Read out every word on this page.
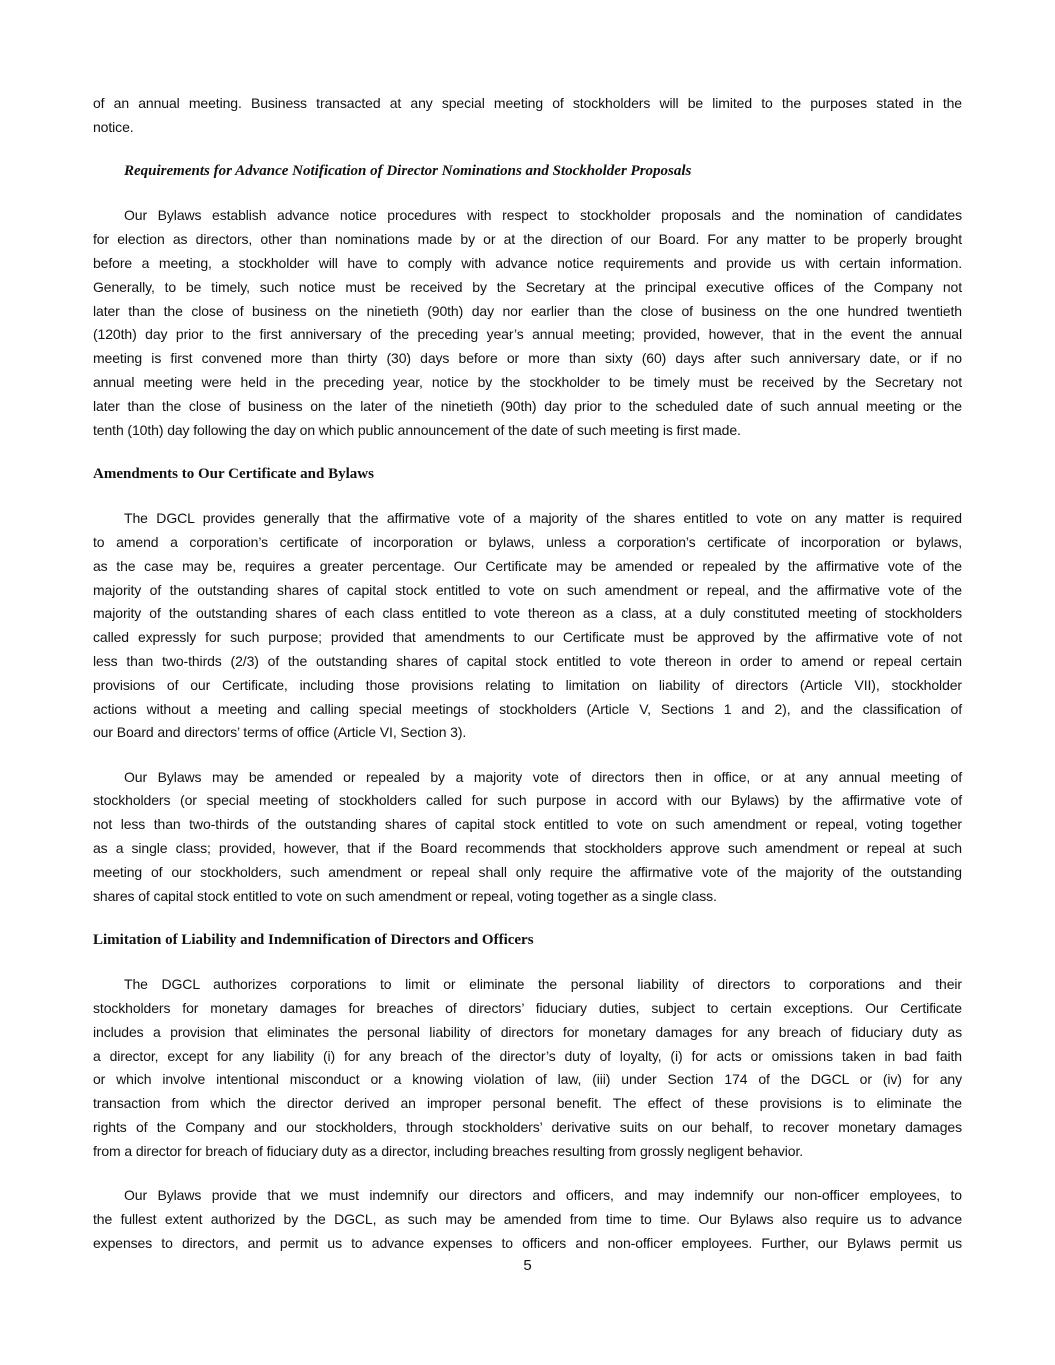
of an annual meeting. Business transacted at any special meeting of stockholders will be limited to the purposes stated in the
notice.
Requirements for Advance Notification of Director Nominations and Stockholder Proposals
Our Bylaws establish advance notice procedures with respect to stockholder proposals and the nomination of candidates
for election as directors, other than nominations made by or at the direction of our Board. For any matter to be properly brought
before a meeting, a stockholder will have to comply with advance notice requirements and provide us with certain information.
Generally, to be timely, such notice must be received by the Secretary at the principal executive offices of the Company not
later than the close of business on the ninetieth (90th) day nor earlier than the close of business on the one hundred twentieth
(120th) day prior to the first anniversary of the preceding year’s annual meeting; provided, however, that in the event the annual
meeting is first convened more than thirty (30) days before or more than sixty (60) days after such anniversary date, or if no
annual meeting were held in the preceding year, notice by the stockholder to be timely must be received by the Secretary not
later than the close of business on the later of the ninetieth (90th) day prior to the scheduled date of such annual meeting or the
tenth (10th) day following the day on which public announcement of the date of such meeting is first made.
Amendments to Our Certificate and Bylaws
The DGCL provides generally that the affirmative vote of a majority of the shares entitled to vote on any matter is required
to amend a corporation’s certificate of incorporation or bylaws, unless a corporation’s certificate of incorporation or bylaws,
as the case may be, requires a greater percentage. Our Certificate may be amended or repealed by the affirmative vote of the
majority of the outstanding shares of capital stock entitled to vote on such amendment or repeal, and the affirmative vote of the
majority of the outstanding shares of each class entitled to vote thereon as a class, at a duly constituted meeting of stockholders
called expressly for such purpose; provided that amendments to our Certificate must be approved by the affirmative vote of not
less than two-thirds (2/3) of the outstanding shares of capital stock entitled to vote thereon in order to amend or repeal certain
provisions of our Certificate, including those provisions relating to limitation on liability of directors (Article VII), stockholder
actions without a meeting and calling special meetings of stockholders (Article V, Sections 1 and 2), and the classification of
our Board and directors’ terms of office (Article VI, Section 3).
Our Bylaws may be amended or repealed by a majority vote of directors then in office, or at any annual meeting of
stockholders (or special meeting of stockholders called for such purpose in accord with our Bylaws) by the affirmative vote of
not less than two-thirds of the outstanding shares of capital stock entitled to vote on such amendment or repeal, voting together
as a single class; provided, however, that if the Board recommends that stockholders approve such amendment or repeal at such
meeting of our stockholders, such amendment or repeal shall only require the affirmative vote of the majority of the outstanding
shares of capital stock entitled to vote on such amendment or repeal, voting together as a single class.
Limitation of Liability and Indemnification of Directors and Officers
The DGCL authorizes corporations to limit or eliminate the personal liability of directors to corporations and their
stockholders for monetary damages for breaches of directors’ fiduciary duties, subject to certain exceptions. Our Certificate
includes a provision that eliminates the personal liability of directors for monetary damages for any breach of fiduciary duty as
a director, except for any liability (i) for any breach of the director’s duty of loyalty, (i) for acts or omissions taken in bad faith
or which involve intentional misconduct or a knowing violation of law, (iii) under Section 174 of the DGCL or (iv) for any
transaction from which the director derived an improper personal benefit. The effect of these provisions is to eliminate the
rights of the Company and our stockholders, through stockholders’ derivative suits on our behalf, to recover monetary damages
from a director for breach of fiduciary duty as a director, including breaches resulting from grossly negligent behavior.
Our Bylaws provide that we must indemnify our directors and officers, and may indemnify our non-officer employees, to
the fullest extent authorized by the DGCL, as such may be amended from time to time. Our Bylaws also require us to advance
expenses to directors, and permit us to advance expenses to officers and non-officer employees. Further, our Bylaws permit us
5
